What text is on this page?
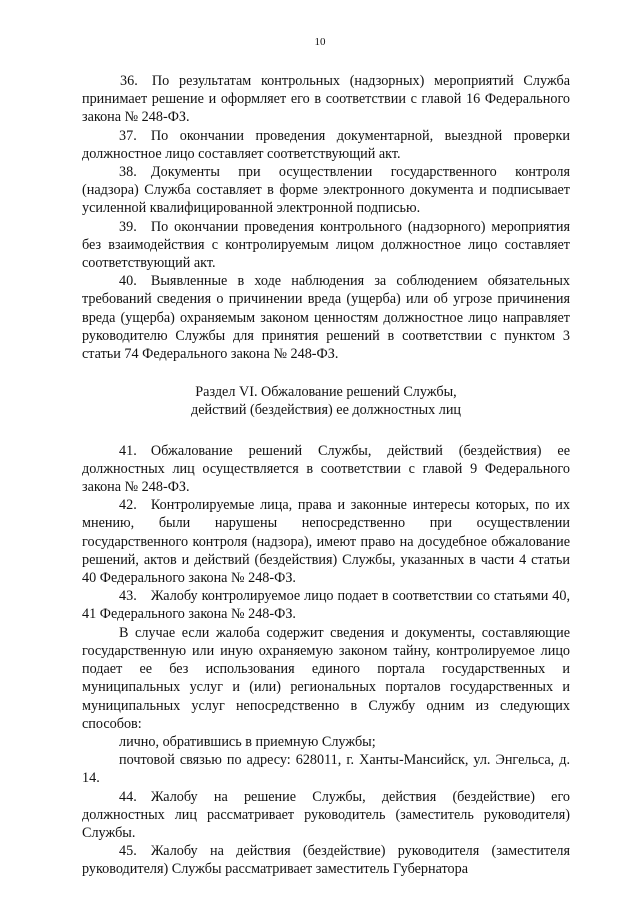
10

36. По результатам контрольных (надзорных) мероприятий Служба принимает решение и оформляет его в соответствии с главой 16 Федерального закона № 248-ФЗ.

37. По окончании проведения документарной, выездной проверки должностное лицо составляет соответствующий акт.

38. Документы при осуществлении государственного контроля (надзора) Служба составляет в форме электронного документа и подписывает усиленной квалифицированной электронной подписью.

39. По окончании проведения контрольного (надзорного) мероприятия без взаимодействия с контролируемым лицом должностное лицо составляет соответствующий акт.

40. Выявленные в ходе наблюдения за соблюдением обязательных требований сведения о причинении вреда (ущерба) или об угрозе причинения вреда (ущерба) охраняемым законом ценностям должностное лицо направляет руководителю Службы для принятия решений в соответствии с пунктом 3 статьи 74 Федерального закона № 248-ФЗ.

Раздел VI. Обжалование решений Службы,
действий (бездействия) ее должностных лиц

41. Обжалование решений Службы, действий (бездействия) ее должностных лиц осуществляется в соответствии с главой 9 Федерального закона № 248-ФЗ.

42. Контролируемые лица, права и законные интересы которых, по их мнению, были нарушены непосредственно при осуществлении государственного контроля (надзора), имеют право на досудебное обжалование решений, актов и действий (бездействия) Службы, указанных в части 4 статьи 40 Федерального закона № 248-ФЗ.

43. Жалобу контролируемое лицо подает в соответствии со статьями 40, 41 Федерального закона № 248-ФЗ.

В случае если жалоба содержит сведения и документы, составляющие государственную или иную охраняемую законом тайну, контролируемое лицо подает ее без использования единого портала государственных и муниципальных услуг и (или) региональных порталов государственных и муниципальных услуг непосредственно в Службу одним из следующих способов:

лично, обратившись в приемную Службы;

почтовой связью по адресу: 628011, г. Ханты-Мансийск, ул. Энгельса, д. 14.

44. Жалобу на решение Службы, действия (бездействие) его должностных лиц рассматривает руководитель (заместитель руководителя) Службы.

45. Жалобу на действия (бездействие) руководителя (заместителя руководителя) Службы рассматривает заместитель Губернатора
